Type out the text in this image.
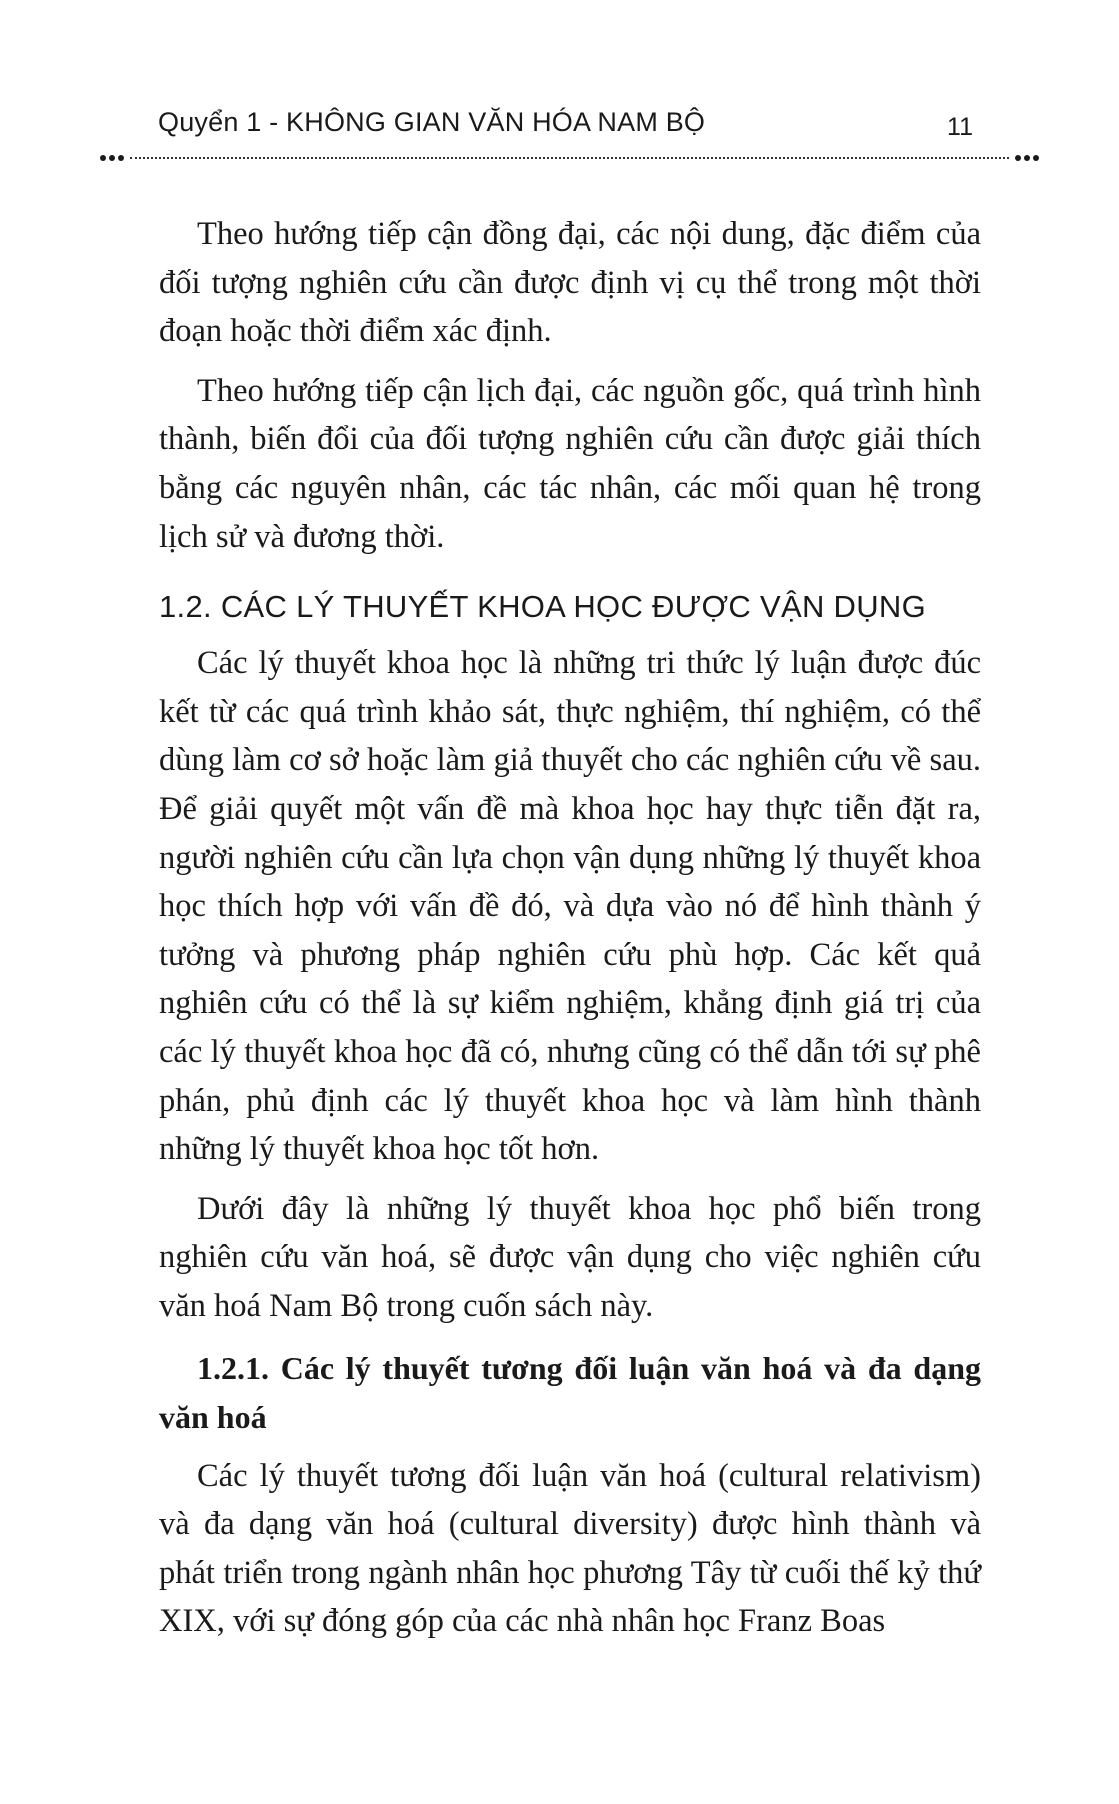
Quyển 1 - KHÔNG GIAN VĂN HÓA NAM BỘ	11

Theo hướng tiếp cận đồng đại, các nội dung, đặc điểm của đối tượng nghiên cứu cần được định vị cụ thể trong một thời đoạn hoặc thời điểm xác định.

Theo hướng tiếp cận lịch đại, các nguồn gốc, quá trình hình thành, biến đổi của đối tượng nghiên cứu cần được giải thích bằng các nguyên nhân, các tác nhân, các mối quan hệ trong lịch sử và đương thời.

1.2. CÁC LÝ THUYẾT KHOA HỌC ĐƯỢC VẬN DỤNG

Các lý thuyết khoa học là những tri thức lý luận được đúc kết từ các quá trình khảo sát, thực nghiệm, thí nghiệm, có thể dùng làm cơ sở hoặc làm giả thuyết cho các nghiên cứu về sau. Để giải quyết một vấn đề mà khoa học hay thực tiễn đặt ra, người nghiên cứu cần lựa chọn vận dụng những lý thuyết khoa học thích hợp với vấn đề đó, và dựa vào nó để hình thành ý tưởng và phương pháp nghiên cứu phù hợp. Các kết quả nghiên cứu có thể là sự kiểm nghiệm, khẳng định giá trị của các lý thuyết khoa học đã có, nhưng cũng có thể dẫn tới sự phê phán, phủ định các lý thuyết khoa học và làm hình thành những lý thuyết khoa học tốt hơn.

Dưới đây là những lý thuyết khoa học phổ biến trong nghiên cứu văn hoá, sẽ được vận dụng cho việc nghiên cứu văn hoá Nam Bộ trong cuốn sách này.

1.2.1. Các lý thuyết tương đối luận văn hoá và đa dạng văn hoá

Các lý thuyết tương đối luận văn hoá (cultural relativism) và đa dạng văn hoá (cultural diversity) được hình thành và phát triển trong ngành nhân học phương Tây từ cuối thế kỷ thứ XIX, với sự đóng góp của các nhà nhân học Franz Boas
